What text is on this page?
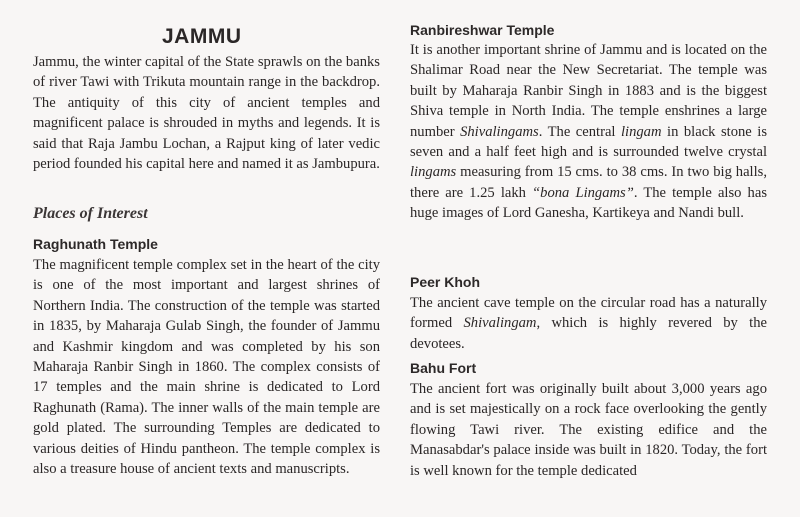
JAMMU

Jammu, the winter capital of the State sprawls on the banks of river Tawi with Trikuta mountain range in the backdrop. The antiquity of this city of ancient temples and magnificent palace is shrouded in myths and legends. It is said that Raja Jambu Lochan, a Rajput king of later vedic period founded his capital here and named it as Jambupura.

Places of Interest
Raghunath Temple

The magnificent temple complex set in the heart of the city is one of the most important and largest shrines of Northern India. The construction of the temple was started in 1835, by Maharaja Gulab Singh, the founder of Jammu and Kashmir kingdom and was completed by his son Maharaja Ranbir Singh in 1860. The complex consists of 17 temples and the main shrine is dedicated to Lord Raghunath (Rama). The inner walls of the main temple are gold plated. The surrounding Temples are dedicated to various deities of Hindu pantheon. The temple complex is also a treasure house of ancient texts and manuscripts.

Ranbireshwar Temple

It is another important shrine of Jammu and is located on the Shalimar Road near the New Secretariat. The temple was built by Maharaja Ranbir Singh in 1883 and is the biggest Shiva temple in North India. The temple enshrines a large number Shivalingams. The central lingam in black stone is seven and a half feet high and is surrounded twelve crystal lingams measuring from 15 cms. to 38 cms. In two big halls, there are 1.25 lakh “bona Lingams”. The temple also has huge images of Lord Ganesha, Kartikeya and Nandi bull.

Peer Khoh

The ancient cave temple on the circular road has a naturally formed Shivalingam, which is highly revered by the devotees.

Bahu Fort

The ancient fort was originally built about 3,000 years ago and is set majestically on a rock face overlooking the gently flowing Tawi river. The existing edifice and the Manasabdar's palace inside was built in 1820. Today, the fort is well known for the temple dedicated
